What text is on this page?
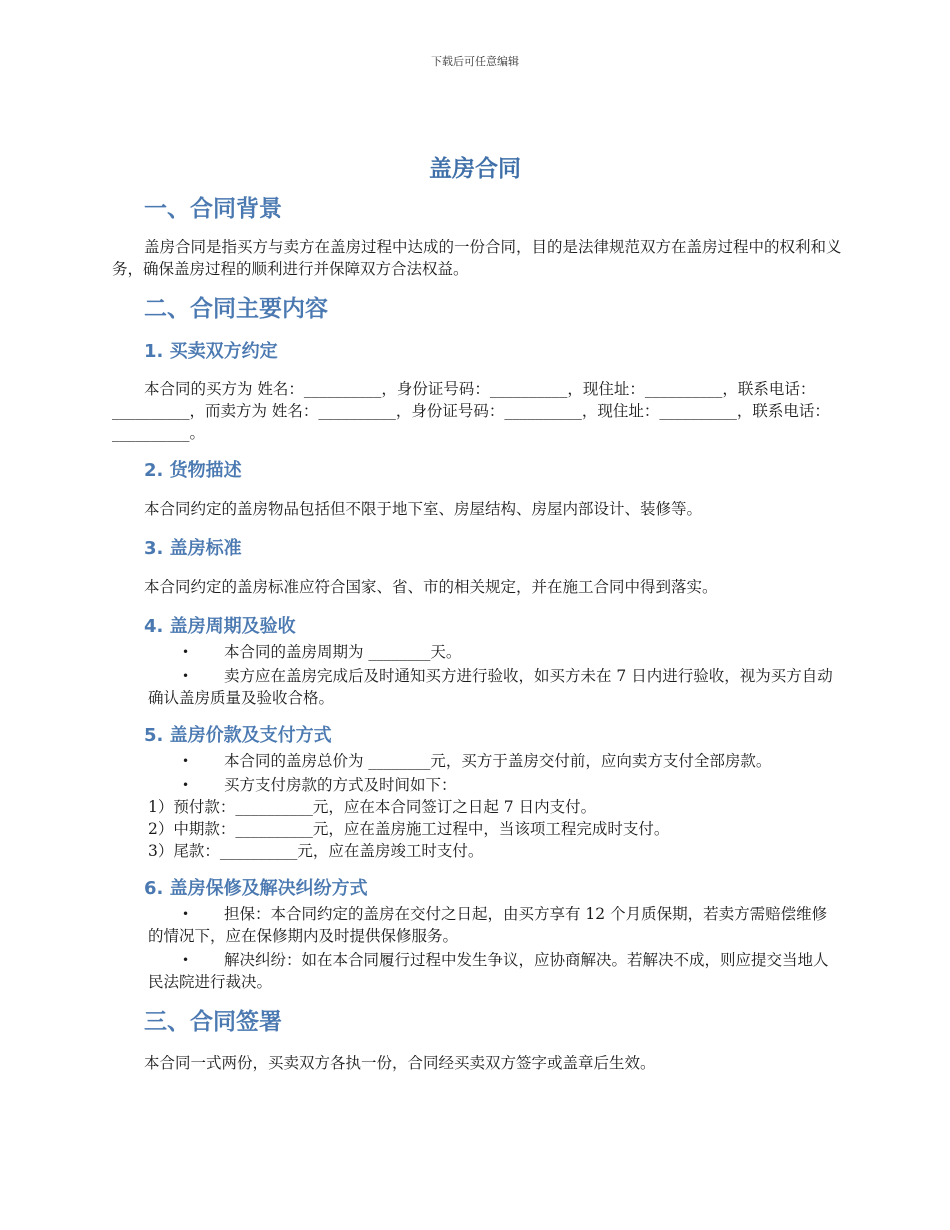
下载后可任意编辑
盖房合同
一、合同背景

盖房合同是指买方与卖方在盖房过程中达成的一份合同，目的是法律规范双方在盖房过程中的权利和义务，确保盖房过程的顺利进行并保障双方合法权益。

二、合同主要内容
1. 买卖双方约定

本合同的买方为 姓名：__________，身份证号码：__________，现住址：__________，联系电话：__________，而卖方为 姓名：__________，身份证号码：__________，现住址：__________，联系电话：__________。

2. 货物描述

本合同约定的盖房物品包括但不限于地下室、房屋结构、房屋内部设计、装修等。

3. 盖房标准

本合同约定的盖房标准应符合国家、省、市的相关规定，并在施工合同中得到落实。

4. 盖房周期及验收
• 本合同的盖房周期为 ________天。
• 卖方应在盖房完成后及时通知买方进行验收，如买方未在 7 日内进行验收，视为买方自动确认盖房质量及验收合格。
5. 盖房价款及支付方式
• 本合同的盖房总价为 ________元，买方于盖房交付前，应向卖方支付全部房款。
• 买方支付房款的方式及时间如下：
1）预付款：__________元，应在本合同签订之日起 7 日内支付。
2）中期款：__________元，应在盖房施工过程中，当该项工程完成时支付。
3）尾款：__________元，应在盖房竣工时支付。
6. 盖房保修及解决纠纷方式
• 担保：本合同约定的盖房在交付之日起，由买方享有 12 个月质保期，若卖方需赔偿维修的情况下，应在保修期内及时提供保修服务。
• 解决纠纷：如在本合同履行过程中发生争议，应协商解决。若解决不成，则应提交当地人民法院进行裁决。
三、合同签署

本合同一式两份，买卖双方各执一份，合同经买卖双方签字或盖章后生效。
